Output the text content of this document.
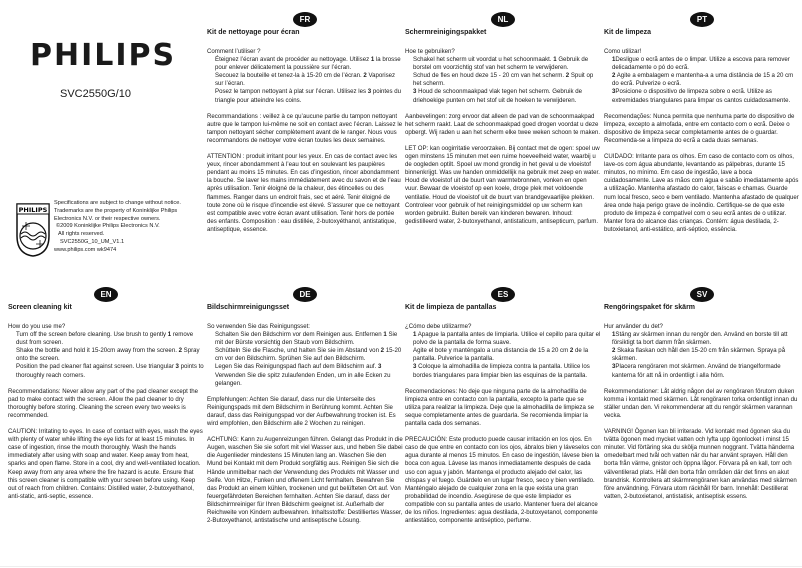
PHILIPS
SVC2550G/10
PHILIPS
Specifications are subject to change without notice.
Trademarks are the property of Koninklijke Philips
Electronics N.V. or their respective owners.
©2009 Koninklijke Philips Electronics N.V.
All rights reserved.
SVC2550G_10_UM_V1.1
www.philips.com wk9474
FR
Kit de nettoyage pour écran

Comment l’utiliser ?

Éteignez l’écran avant de procéder au nettoyage. Utilisez 1 la brosse pour enlever délicatement la poussière sur l’écran.
Secouez la bouteille et tenez-la à 15-20 cm de l’écran. 2 Vaporisez sur l’écran.
Posez le tampon nettoyant à plat sur l’écran. Utilisez les 3 pointes du triangle pour atteindre les coins.

Recommandations : veillez à ce qu’aucune partie du tampon nettoyant autre que le tampon lui-même ne soit en contact avec l’écran. Laissez le tampon nettoyant sécher complètement avant de le ranger. Nous vous recommandons de nettoyer votre écran toutes les deux semaines.

ATTENTION : produit irritant pour les yeux. En cas de contact avec les yeux, rincer abondamment à l’eau tout en soulevant les paupières pendant au moins 15 minutes. En cas d’ingestion, rincer abondamment la bouche. Se laver les mains immédiatement avec du savon et de l’eau après utilisation. Tenir éloigné de la chaleur, des étincelles ou des flammes. Ranger dans un endroit frais, sec et aéré. Tenir éloigné de toute zone où le risque d’incendie est élevé. S’assurer que ce nettoyant est compatible avec votre écran avant utilisation. Tenir hors de portée des enfants. Composition : eau distillée, 2-butoxyéthanol, antistatique, antiseptique, essence.

NL
Schermreinigingspakket

Hoe te gebruiken?

Schakel het scherm uit voordat u het schoonmaakt. 1 Gebruik de borstel om voorzichtig stof van het scherm te verwijderen.
Schud de fles en houd deze 15 - 20 cm van het scherm. 2 Spuit op het scherm.
3 Houd de schoonmaakpad vlak tegen het scherm. Gebruik de driehoekige punten om het stof uit de hoeken te verwijderen.

Aanbevelingen: zorg ervoor dat alleen de pad van de schoonmaakpad het scherm raakt. Laat de schoonmaakpad goed drogen voordat u deze opbergt. Wij raden u aan het scherm elke twee weken schoon te maken.

LET OP: kan oogirritatie veroorzaken. Bij contact met de ogen: spoel uw ogen minstens 15 minuten met een ruime hoeveelheid water, waarbij u de oogleden optilt. Spoel uw mond grondig in het geval u de vloeistof binnenkrijgt. Was uw handen onmiddellijk na gebruik met zeep en water. Houd de vloeistof uit de buurt van warmtebronnen, vonken en open vuur. Bewaar de vloeistof op een koele, droge plek met voldoende ventilatie. Houd de vloeistof uit de buurt van brandgevaarlijke plekken. Controleer voor gebruik of het reinigingsmiddel op uw scherm kan worden gebruikt. Buiten bereik van kinderen bewaren. Inhoud: gedistilleerd water, 2-butoxyethanol, antistaticum, antisepticum, parfum.

PT
Kit de limpeza

Como utilizar!

1Desligue o ecrã antes de o limpar. Utilize a escova para remover delicadamente o pó do ecrã.
2 Agite a embalagem e mantenha-a a uma distância de 15 a 20 cm do ecrã. Pulverize o ecrã.
3Posicione o dispositivo de limpeza sobre o ecrã. Utilize as extremidades triangulares para limpar os cantos cuidadosamente.

Recomendações: Nunca permita que nenhuma parte do dispositivo de limpeza, excepto a almofada, entre em contacto com o ecrã. Deixe o dispositivo de limpeza secar completamente antes de o guardar. Recomenda-se a limpeza do ecrã a cada duas semanas.

CUIDADO: Irritante para os olhos. Em caso de contacto com os olhos, lave-os com água abundante, levantando as pálpebras, durante 15 minutos, no mínimo. Em caso de ingestão, lave a boca cuidadosamente. Lave as mãos com água e sabão imediatamente após a utilização. Mantenha afastado do calor, faíscas e chamas. Guarde num local fresco, seco e bem ventilado. Mantenha afastado de qualquer área onde haja perigo grave de incêndio. Certifique-se de que este produto de limpeza é compatível com o seu ecrã antes de o utilizar. Manter fora do alcance das crianças. Contém: água destilada, 2-butoxietanol, anti-estático, anti-séptico, essência.

EN
Screen cleaning kit

How do you use me?

Turn off the screen before cleaning. Use brush to gently 1 remove dust from screen.
Shake the bottle and hold it 15-20cm away from the screen. 2 Spray onto the screen.
Position the pad cleaner flat against screen. Use triangular 3 points to thoroughly reach corners.

Recommendations: Never allow any part of the pad cleaner except the pad to make contact with the screen. Allow the pad cleaner to dry thoroughly before storing. Cleaning the screen every two weeks is recommended.

CAUTION: Irritating to eyes. In case of contact with eyes, wash the eyes with plenty of water while lifting the eye lids for at least 15 minutes. In case of ingestion, rinse the mouth thoroughly. Wash the hands immediately after using with soap and water. Keep away from heat, sparks and open flame. Store in a cool, dry and well-ventilated location. Keep away from any area where the fire hazard is acute. Ensure that this screen cleaner is compatible with your screen before using. Keep out of reach from children. Contains: Distilled water, 2-butoxyethanol, anti-static, anti-septic, essence.

DE
Bildschirmreinigungsset

So verwenden Sie das Reinigungsset:

Schalten Sie den Bildschirm vor dem Reinigen aus. Entfernen 1 Sie mit der Bürste vorsichtig den Staub vom Bildschirm.
Schütteln Sie die Flasche, und halten Sie sie im Abstand von 2 15-20 cm vor den Bildschirm. Sprühen Sie auf den Bildschirm.
Legen Sie das Reinigungspad flach auf dem Bildschirm auf. 3 Verwenden Sie die spitz zulaufenden Enden, um in alle Ecken zu gelangen.

Empfehlungen: Achten Sie darauf, dass nur die Unterseite des Reinigungspads mit dem Bildschirm in Berührung kommt. Achten Sie darauf, dass das Reinigungspad vor der Aufbewahrung trocken ist. Es wird empfohlen, den Bildschirm alle 2 Wochen zu reinigen.

ACHTUNG: Kann zu Augenreizungen führen. Gelangt das Produkt in die Augen, waschen Sie sie sofort mit viel Wasser aus, und heben Sie dabei die Augenlieder mindestens 15 Minuten lang an. Waschen Sie den Mund bei Kontakt mit dem Produkt sorgfältig aus. Reinigen Sie sich die Hände unmittelbar nach der Verwendung des Produkts mit Wasser und Seife. Von Hitze, Funken und offenem Licht fernhalten. Bewahren Sie das Produkt an einem kühlen, trockenen und gut belüfteten Ort auf. Von feuergefährdeten Bereichen fernhalten. Achten Sie darauf, dass der Bildschirmreiniger für Ihren Bildschirm geeignet ist. Außerhalb der Reichweite von Kindern aufbewahren. Inhaltsstoffe: Destilliertes Wasser, 2-Butoxyethanol, antistatische und antiseptische Lösung.

ES
Kit de limpieza de pantallas

¿Cómo debe utilizarme?

1 Apague la pantalla antes de limpiarla. Utilice el cepillo para quitar el polvo de la pantalla de forma suave.
Agite el bote y manténgalo a una distancia de 15 a 20 cm 2 de la pantalla. Pulverice la pantalla.
3 Coloque la almohadilla de limpieza contra la pantalla. Utilice los bordes triangulares para limpiar bien las esquinas de la pantalla.

Recomendaciones: No deje que ninguna parte de la almohadilla de limpieza entre en contacto con la pantalla, excepto la parte que se utiliza para realizar la limpieza. Deje que la almohadilla de limpieza se seque completamente antes de guardarla. Se recomienda limpiar la pantalla cada dos semanas.

PRECAUCIÓN: Este producto puede causar irritación en los ojos. En caso de que entre en contacto con los ojos, ábralos bien y láveselos con agua durante al menos 15 minutos. En caso de ingestión, lávese bien la boca con agua. Lávese las manos inmediatamente después de cada uso con agua y jabón. Mantenga el producto alejado del calor, las chispas y el fuego. Guárdelo en un lugar fresco, seco y bien ventilado. Manténgalo alejado de cualquier zona en la que exista una gran probabilidad de incendio. Asegúrese de que este limpiador es compatible con su pantalla antes de usarlo. Mantener fuera del alcance de los niños. Ingredientes: agua destilada, 2-butoxyetanol, componente antiestático, componente antiséptico, perfume.

SV
Rengöringspaket för skärm

Hur använder du det?

1Stäng av skärmen innan du rengör den. Använd en borste till att försiktigt ta bort damm från skärmen.
2 Skaka flaskan och håll den 15-20 cm från skärmen. Spraya på skärmen.
3Placera rengöraren mot skärmen. Använd de triangelformade kanterna för att nå in ordentligt i alla hörn.

Rekommendationer: Låt aldrig någon del av rengöraren förutom duken komma i kontakt med skärmen. Låt rengöraren torka ordentligt innan du ställer undan den. Vi rekommenderar att du rengör skärmen varannan vecka.

VARNING! Ögonen kan bli irriterade. Vid kontakt med ögonen ska du tvätta ögonen med mycket vatten och lyfta upp ögonlocket i minst 15 minuter. Vid förtäring ska du skölja munnen noggrant. Tvätta händerna omedelbart med tvål och vatten när du har använt sprayen. Håll den borta från värme, gnistor och öppna lågor. Förvara på en kall, torr och välventilerad plats. Håll den borta från områden där det finns en akut brandrisk. Kontrollera att skärmrengöraren kan användas med skärmen före användning. Förvara utom räckhåll för barn. Innehåll: Destillerat vatten, 2-butoxietanol, antistatisk, antiseptisk essens.
